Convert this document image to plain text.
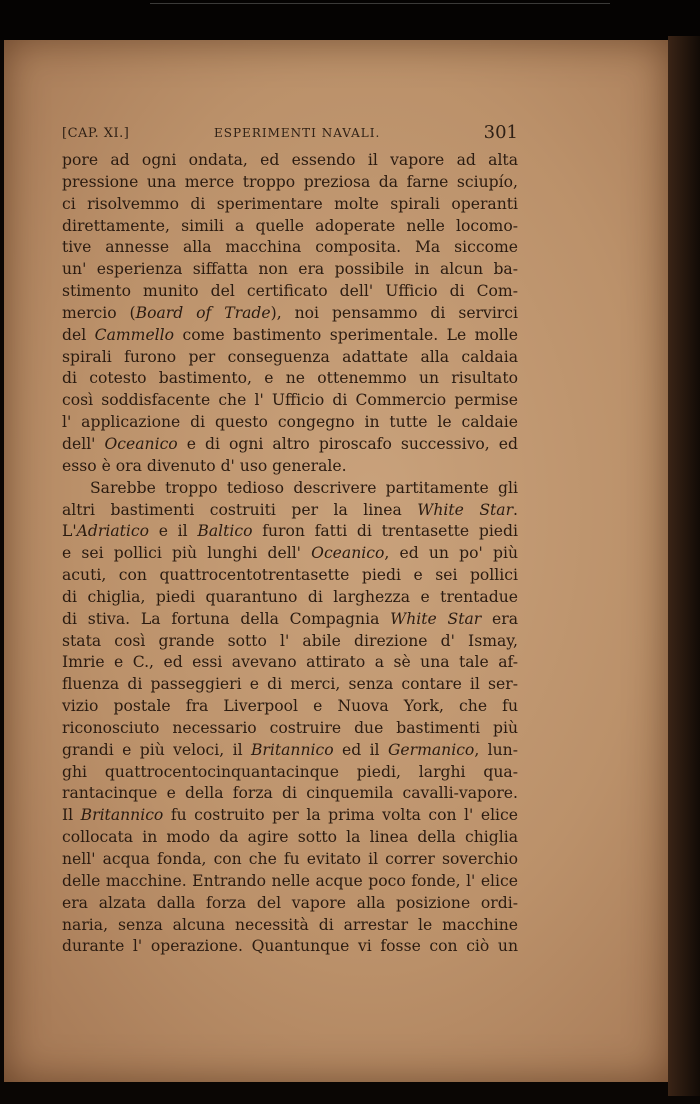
[CAP. XI.]	ESPERIMENTI NAVALI.	301
pore ad ogni ondata, ed essendo il vapore ad alta
pressione una merce troppo preziosa da farne sciupío,
ci risolvemmo di sperimentare molte spirali operanti
direttamente, simili a quelle adoperate nelle locomo-
tive annesse alla macchina composita. Ma siccome
un' esperienza siffatta non era possibile in alcun ba-
stimento munito del certificato dell' Ufficio di Com-
mercio (Board of Trade), noi pensammo di servirci
del Cammello come bastimento sperimentale. Le molle
spirali furono per conseguenza adattate alla caldaia
di cotesto bastimento, e ne ottenemmo un risultato
così soddisfacente che l' Ufficio di Commercio permise
l' applicazione di questo congegno in tutte le caldaie
dell' Oceanico e di ogni altro piroscafo successivo, ed
esso è ora divenuto d' uso generale.
Sarebbe troppo tedioso descrivere partitamente gli
altri bastimenti costruiti per la linea White Star.
L'Adriatico e il Baltico furon fatti di trentasette piedi
e sei pollici più lunghi dell' Oceanico, ed un po' più
acuti, con quattrocentotrentasette piedi e sei pollici
di chiglia, piedi quarantuno di larghezza e trentadue
di stiva. La fortuna della Compagnia White Star era
stata così grande sotto l' abile direzione d' Ismay,
Imrie e C., ed essi avevano attirato a sè una tale af-
fluenza di passeggieri e di merci, senza contare il ser-
vizio postale fra Liverpool e Nuova York, che fu
riconosciuto necessario costruire due bastimenti più
grandi e più veloci, il Britannico ed il Germanico, lun-
ghi quattrocentocinquantacinque piedi, larghi qua-
rantacinque e della forza di cinquemila cavalli-vapore.
Il Britannico fu costruito per la prima volta con l' elice
collocata in modo da agire sotto la linea della chiglia
nell' acqua fonda, con che fu evitato il correr soverchio
delle macchine. Entrando nelle acque poco fonde, l' elice
era alzata dalla forza del vapore alla posizione ordi-
naria, senza alcuna necessità di arrestar le macchine
durante l' operazione. Quantunque vi fosse con ciò un
